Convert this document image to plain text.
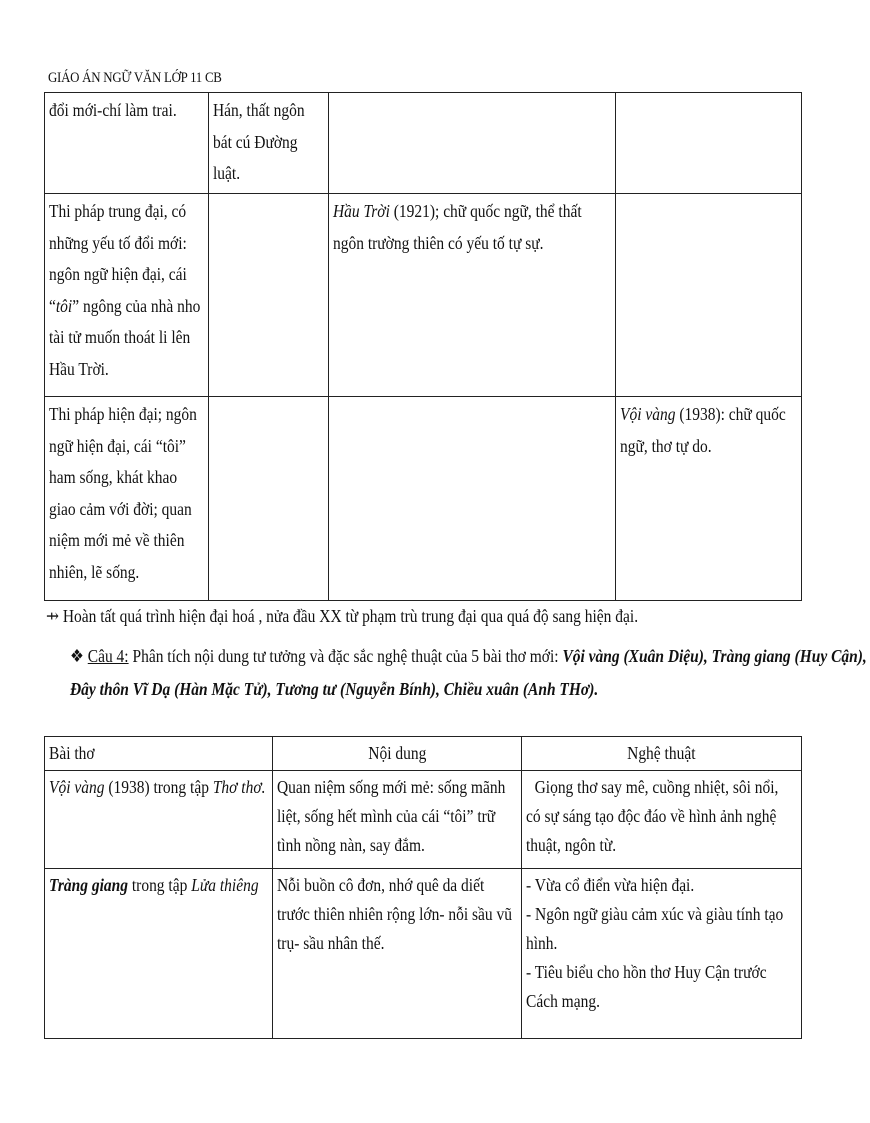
GIÁO ÁN NGỮ VĂN LỚP 11 CB
đổi mới-chí làm trai.	Hán, thất ngôn bát cú Đường luật.		

Thi pháp trung đại, có những yếu tố đổi mới: ngôn ngữ hiện đại, cái “tôi” ngông của nhà nho tài tử muốn thoát li lên Hầu Trời.		Hầu Trời (1921); chữ quốc ngữ, thể thất ngôn trường thiên có yếu tố tự sự.	

Thi pháp hiện đại; ngôn ngữ hiện đại, cái “tôi” ham sống, khát khao giao cảm với đời; quan niệm mới mẻ về thiên nhiên, lẽ sống.			Vội vàng (1938): chữ quốc ngữ, thơ tự do.
⇸ Hoàn tất quá trình hiện đại hoá , nửa đầu XX từ phạm trù trung đại qua quá độ sang hiện đại.
❖ Câu 4: Phân tích nội dung tư tưởng và đặc sắc nghệ thuật của 5 bài thơ mới: Vội vàng (Xuân Diệu), Tràng giang (Huy Cận), Đây thôn Vĩ Dạ (Hàn Mặc Tử), Tương tư (Nguyễn Bính), Chiều xuân (Anh THơ).
Bài thơ	Nội dung	Nghệ thuật

Vội vàng (1938) trong tập Thơ thơ.	Quan niệm sống mới mẻ: sống mãnh liệt, sống hết mình của cái “tôi” trữ tình nồng nàn, say đắm.	Giọng thơ say mê, cuồng nhiệt, sôi nổi, có sự sáng tạo độc đáo về hình ảnh nghệ thuật, ngôn từ.

Tràng giang trong tập Lửa thiêng	Nỗi buồn cô đơn, nhớ quê da diết trước thiên nhiên rộng lớn- nỗi sầu vũ trụ- sầu nhân thế.	- Vừa cổ điển vừa hiện đại.
- Ngôn ngữ giàu cảm xúc và giàu tính tạo hình.
- Tiêu biểu cho hồn thơ Huy Cận trước Cách mạng.
